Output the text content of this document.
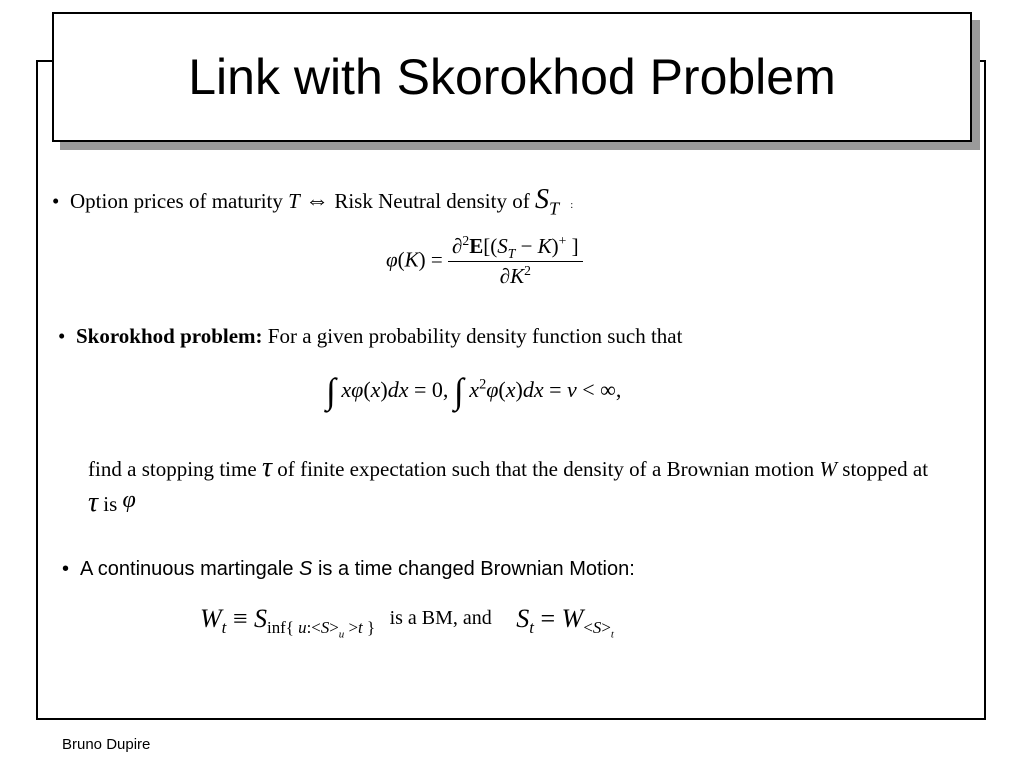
Link with Skorokhod Problem
• Option prices of maturity T ⇔ Risk Neutral density of $S_T$ :
$\varphi(K) = \frac{\partial^2E[(S_T - K)^+ ]}{\partial K^2}$
• Skorokhod problem: For a given probability density function such that
∫ xφ(x)dx = 0, ∫ $x^2\varphi(x)dx = v$ < ∞,
find a stopping time τ of finite expectation such that the density of a Brownian motion W stopped at τ is φ
• A continuous martingale S is a time changed Brownian Motion:
$W_t \equiv S_{inf\{ u:<S>_u >t \}}$ is a BM, and $S_t = W_{<S>_t}$
Bruno Dupire
